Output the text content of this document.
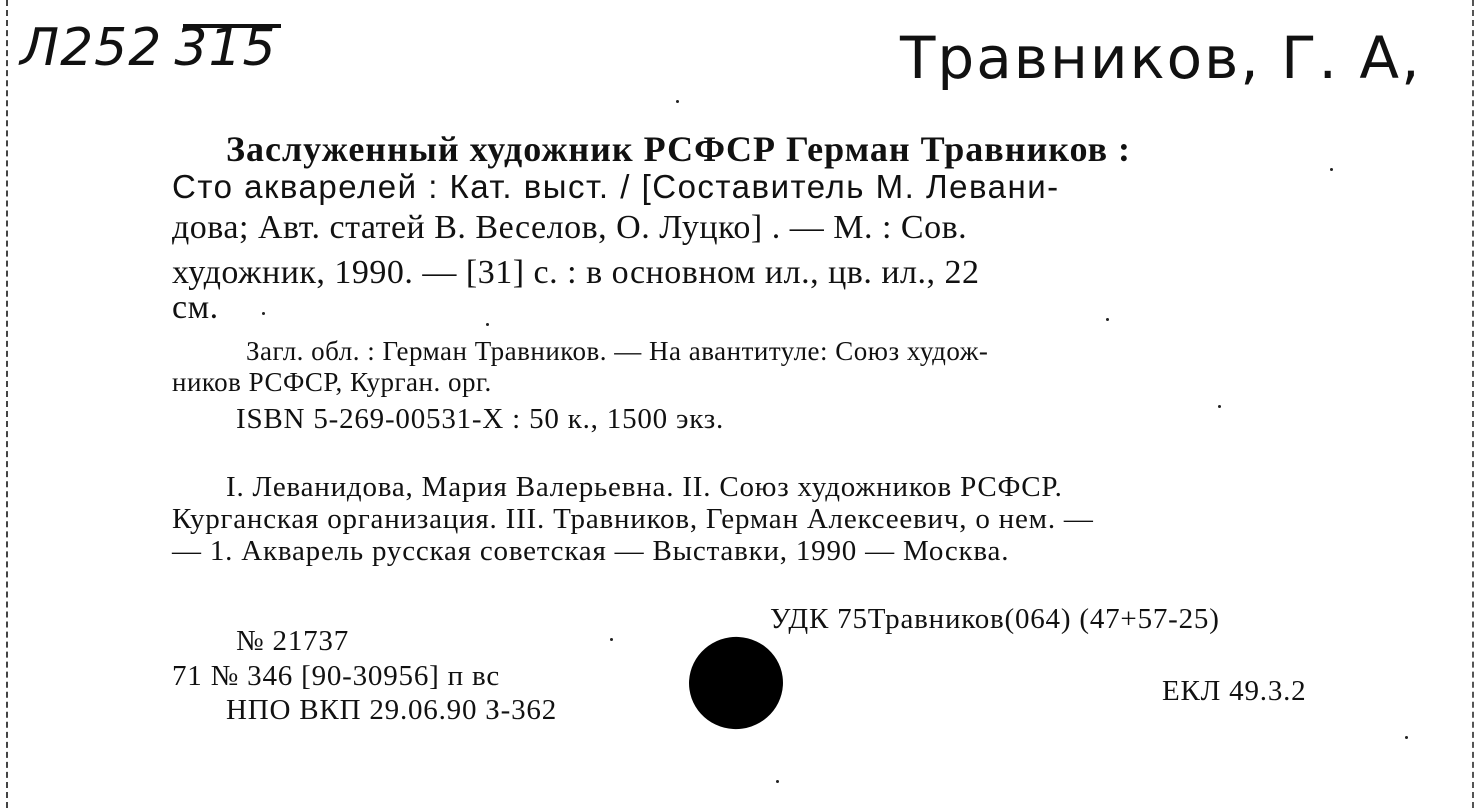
Л252 315	Травников, Г. А,
Заслуженный художник РСФСР Герман Травников :
Сто акварелей : Кат. выст. / [Составитель М. Левани-
дова; Авт. статей В. Веселов, О. Луцко] . — М. : Сов.
художник, 1990. — [31] с. : в основном ил., цв. ил., 22
см.
Загл. обл. : Герман Травников. — На авантитуле: Союз худож-
ников РСФСР, Курган. орг.
ISBN 5-269-00531-X : 50 к., 1500 экз.
I. Леванидова, Мария Валерьевна. II. Союз художников РСФСР.
Курганская организация. III. Травников, Герман Алексеевич, о нем. —
— 1. Акварель русская советская — Выставки, 1990 — Москва.
УДК 75Травников(064) (47+57-25)
ЕКЛ 49.3.2
№ 21737
71 № 346 [90-30956] п вс
НПО ВКП 29.06.90 З-362
